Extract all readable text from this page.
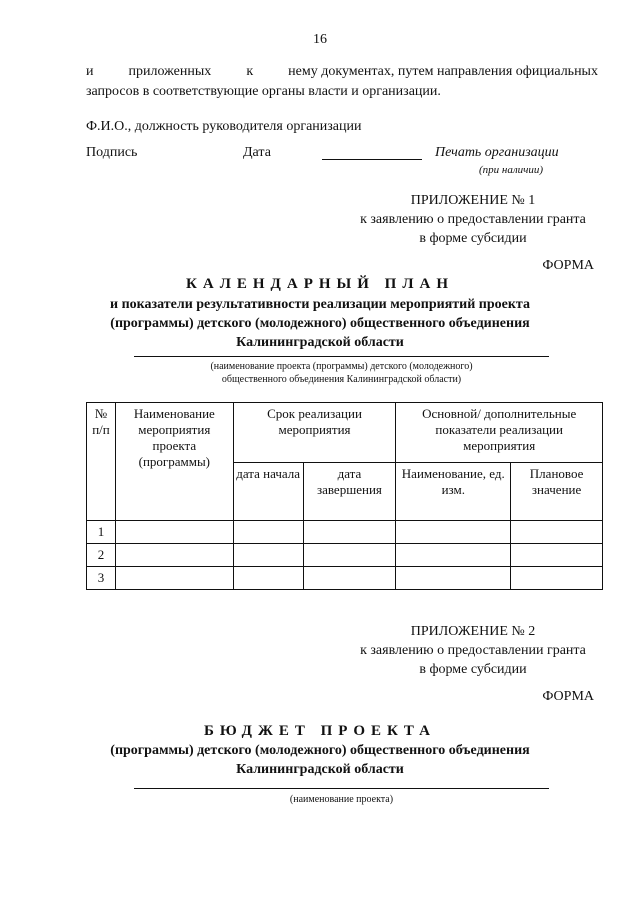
16
и	приложенных	к	нему документах, путем направления официальных
запросов в соответствующие органы власти и организации.
Ф.И.О., должность руководителя организации
Подпись	Дата	Печать организации
(при наличии)
ПРИЛОЖЕНИЕ № 1
к заявлению о предоставлении гранта
в форме субсидии
ФОРМА
КАЛЕНДАРНЫЙ ПЛАН
и показатели результативности реализации мероприятий проекта
(программы) детского (молодежного) общественного объединения
Калининградской области
(наименование проекта (программы) детского (молодежного)
общественного объединения Калининградской области)
№ п/п	Наименование мероприятия проекта (программы)	Срок реализации мероприятия		Основной/ дополнительные показатели реализации мероприятия	
		дата начала	дата завершения	Наименование, ед. изм.	Плановое значение
1					
2					
3					
ПРИЛОЖЕНИЕ № 2
к заявлению о предоставлении гранта
в форме субсидии
ФОРМА
БЮДЖЕТ ПРОЕКТА
(программы) детского (молодежного) общественного объединения
Калининградской области
(наименование проекта)
